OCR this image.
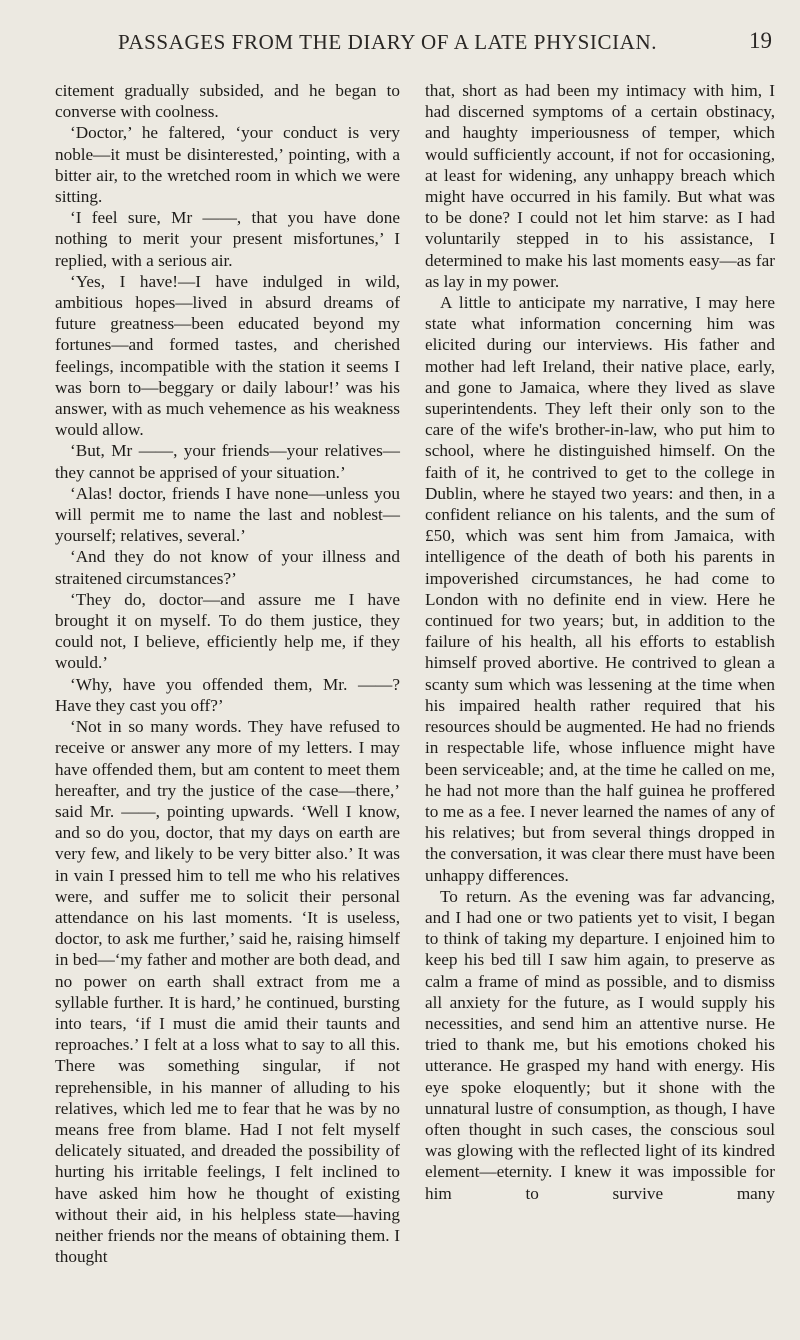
PASSAGES FROM THE DIARY OF A LATE PHYSICIAN.	19

citement gradually subsided, and he began to converse with coolness.

‘Doctor,’ he faltered, ‘your conduct is very noble—it must be disinterested,’ pointing, with a bitter air, to the wretched room in which we were sitting.

‘I feel sure, Mr ——, that you have done nothing to merit your present misfortunes,’ I replied, with a serious air.

‘Yes, I have!—I have indulged in wild, ambitious hopes—lived in absurd dreams of future greatness—been educated beyond my fortunes—and formed tastes, and cherished feelings, incompatible with the station it seems I was born to—beggary or daily labour!’ was his answer, with as much vehemence as his weakness would allow.

‘But, Mr ——, your friends—your relatives—they cannot be apprised of your situation.’

‘Alas! doctor, friends I have none—unless you will permit me to name the last and noblest—yourself; relatives, several.’

‘And they do not know of your illness and straitened circumstances?’

‘They do, doctor—and assure me I have brought it on myself. To do them justice, they could not, I believe, efficiently help me, if they would.’

‘Why, have you offended them, Mr. ——? Have they cast you off?’

‘Not in so many words. They have refused to receive or answer any more of my letters. I may have offended them, but am content to meet them hereafter, and try the justice of the case—there,’ said Mr. ——, pointing upwards. ‘Well I know, and so do you, doctor, that my days on earth are very few, and likely to be very bitter also.’ It was in vain I pressed him to tell me who his relatives were, and suffer me to solicit their personal attendance on his last moments. ‘It is useless, doctor, to ask me further,’ said he, raising himself in bed—‘my father and mother are both dead, and no power on earth shall extract from me a syllable further. It is hard,’ he continued, bursting into tears, ‘if I must die amid their taunts and reproaches.’ I felt at a loss what to say to all this. There was something singular, if not reprehensible, in his manner of alluding to his relatives, which led me to fear that he was by no means free from blame. Had I not felt myself delicately situated, and dreaded the possibility of hurting his irritable feelings, I felt inclined to have asked him how he thought of existing without their aid, in his helpless state—having neither friends nor the means of obtaining them. I thought

that, short as had been my intimacy with him, I had discerned symptoms of a certain obstinacy, and haughty imperiousness of temper, which would sufficiently account, if not for occasioning, at least for widening, any unhappy breach which might have occurred in his family. But what was to be done? I could not let him starve: as I had voluntarily stepped in to his assistance, I determined to make his last moments easy—as far as lay in my power.

A little to anticipate my narrative, I may here state what information concerning him was elicited during our interviews. His father and mother had left Ireland, their native place, early, and gone to Jamaica, where they lived as slave superintendents. They left their only son to the care of the wife's brother-in-law, who put him to school, where he distinguished himself. On the faith of it, he contrived to get to the college in Dublin, where he stayed two years: and then, in a confident reliance on his talents, and the sum of £50, which was sent him from Jamaica, with intelligence of the death of both his parents in impoverished circumstances, he had come to London with no definite end in view. Here he continued for two years; but, in addition to the failure of his health, all his efforts to establish himself proved abortive. He contrived to glean a scanty sum which was lessening at the time when his impaired health rather required that his resources should be augmented. He had no friends in respectable life, whose influence might have been serviceable; and, at the time he called on me, he had not more than the half guinea he proffered to me as a fee. I never learned the names of any of his relatives; but from several things dropped in the conversation, it was clear there must have been unhappy differences.

To return. As the evening was far advancing, and I had one or two patients yet to visit, I began to think of taking my departure. I enjoined him to keep his bed till I saw him again, to preserve as calm a frame of mind as possible, and to dismiss all anxiety for the future, as I would supply his necessities, and send him an attentive nurse. He tried to thank me, but his emotions choked his utterance. He grasped my hand with energy. His eye spoke eloquently; but it shone with the unnatural lustre of consumption, as though, I have often thought in such cases, the conscious soul was glowing with the reflected light of its kindred element—eternity. I knew it was impossible for him to survive many
